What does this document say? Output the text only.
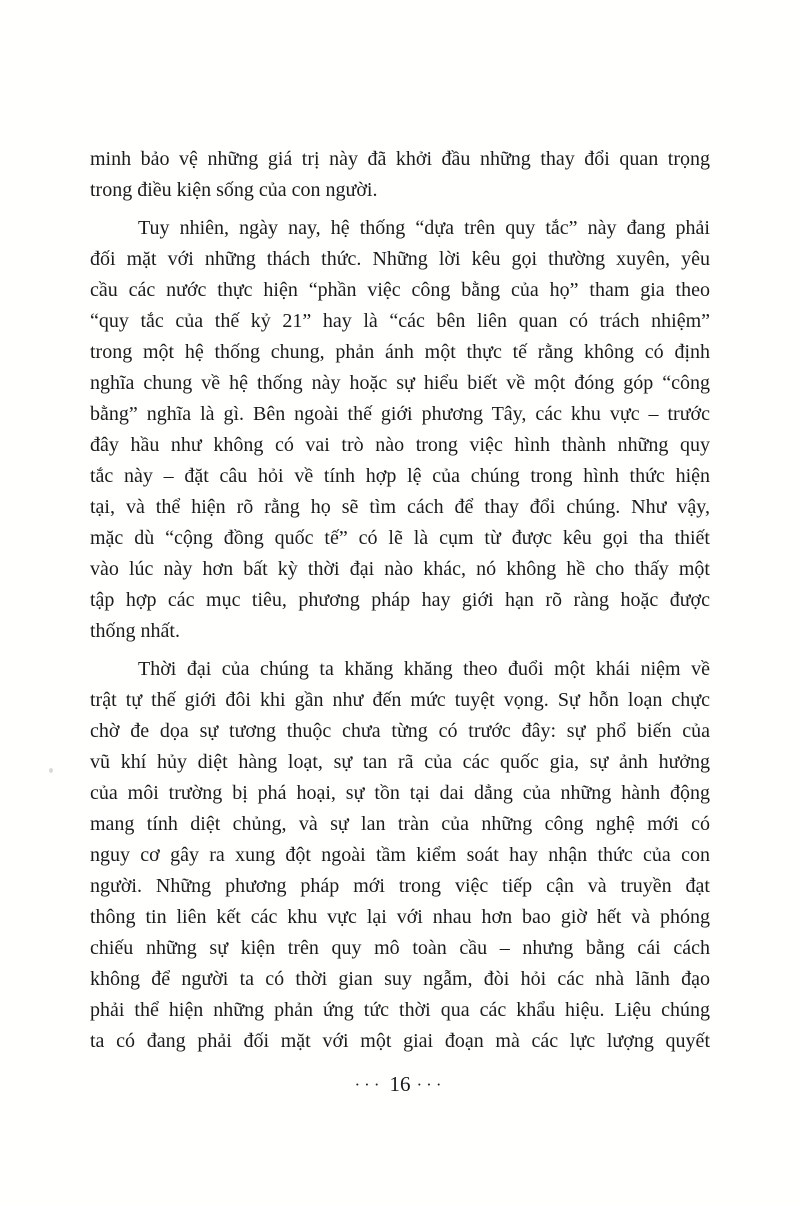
minh bảo vệ những giá trị này đã khởi đầu những thay đổi quan trọng
trong điều kiện sống của con người.
Tuy nhiên, ngày nay, hệ thống “dựa trên quy tắc” này đang phải
đối mặt với những thách thức. Những lời kêu gọi thường xuyên, yêu
cầu các nước thực hiện “phần việc công bằng của họ” tham gia theo
“quy tắc của thế kỷ 21” hay là “các bên liên quan có trách nhiệm”
trong một hệ thống chung, phản ánh một thực tế rằng không có định
nghĩa chung về hệ thống này hoặc sự hiểu biết về một đóng góp “công
bằng” nghĩa là gì. Bên ngoài thế giới phương Tây, các khu vực – trước
đây hầu như không có vai trò nào trong việc hình thành những quy
tắc này – đặt câu hỏi về tính hợp lệ của chúng trong hình thức hiện
tại, và thể hiện rõ rằng họ sẽ tìm cách để thay đổi chúng. Như vậy,
mặc dù “cộng đồng quốc tế” có lẽ là cụm từ được kêu gọi tha thiết
vào lúc này hơn bất kỳ thời đại nào khác, nó không hề cho thấy một
tập hợp các mục tiêu, phương pháp hay giới hạn rõ ràng hoặc được
thống nhất.
Thời đại của chúng ta khăng khăng theo đuổi một khái niệm về
trật tự thế giới đôi khi gần như đến mức tuyệt vọng. Sự hỗn loạn chực
chờ đe dọa sự tương thuộc chưa từng có trước đây: sự phổ biến của
vũ khí hủy diệt hàng loạt, sự tan rã của các quốc gia, sự ảnh hưởng
của môi trường bị phá hoại, sự tồn tại dai dẳng của những hành động
mang tính diệt chủng, và sự lan tràn của những công nghệ mới có
nguy cơ gây ra xung đột ngoài tầm kiểm soát hay nhận thức của con
người. Những phương pháp mới trong việc tiếp cận và truyền đạt
thông tin liên kết các khu vực lại với nhau hơn bao giờ hết và phóng
chiếu những sự kiện trên quy mô toàn cầu – nhưng bằng cái cách
không để người ta có thời gian suy ngẫm, đòi hỏi các nhà lãnh đạo
phải thể hiện những phản ứng tức thời qua các khẩu hiệu. Liệu chúng
ta có đang phải đối mặt với một giai đoạn mà các lực lượng quyết
··· 16 ···
